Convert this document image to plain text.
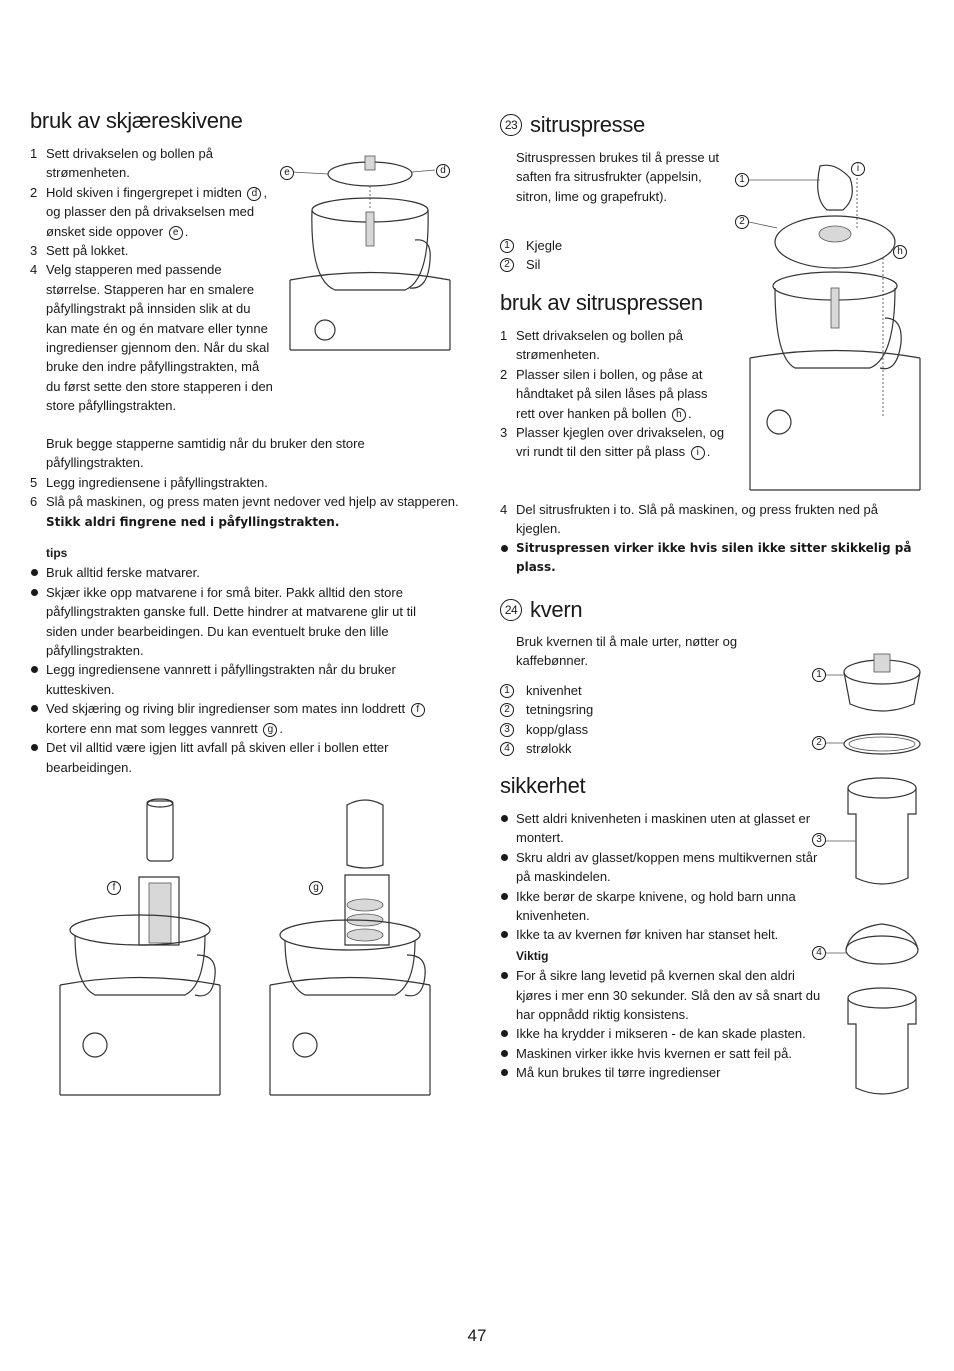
bruk av skjæreskivene
1 Sett drivakselen og bollen på strømenheten.
2 Hold skiven i fingergrepet i midten d , og plasser den på drivakselsen med ønsket side oppover e .
3 Sett på lokket.
4 Velg stapperen med passende størrelse. Stapperen har en smalere påfyllingstrakt på innsiden slik at du kan mate én og én matvare eller tynne ingredienser gjennom den. Når du skal bruke den indre påfyllingstrakten, må du først sette den store stapperen i den store påfyllingstrakten.
Bruk begge stapperne samtidig når du bruker den store påfyllingstrakten.
5 Legg ingrediensene i påfyllingstrakten.
6 Slå på maskinen, og press maten jevnt nedover ved hjelp av stapperen. Stikk aldri fingrene ned i påfyllingstrakten.
tips
Bruk alltid ferske matvarer.
Skjær ikke opp matvarene i for små biter. Pakk alltid den store påfyllingstrakten ganske full. Dette hindrer at matvarene glir ut til siden under bearbeidingen. Du kan eventuelt bruke den lille påfyllingstrakten.
Legg ingrediensene vannrett i påfyllingstrakten når du bruker kutteskiven.
Ved skjæring og riving blir ingredienser som mates inn loddrett f kortere enn mat som legges vannrett g .
Det vil alltid være igjen litt avfall på skiven eller i bollen etter bearbeidingen.
e	d
f	g
23 sitruspresse
Sitruspressen brukes til å presse ut saften fra sitrusfrukter (appelsin, sitron, lime og grapefrukt).
1	Kjegle
2	Sil
bruk av sitruspressen
1 Sett drivakselen og bollen på strømenheten.
2 Plasser silen i bollen, og påse at håndtaket på silen låses på plass rett over hanken på bollen h .
3 Plasser kjeglen over drivakselen, og vri rundt til den sitter på plass i .
4 Del sitrusfrukten i to. Slå på maskinen, og press frukten ned på kjeglen.
Sitruspressen virker ikke hvis silen ikke sitter skikkelig på plass.
1
2
i
h
24 kvern
Bruk kvernen til å male urter, nøtter og kaffebønner.
1	knivenhet
2	tetningsring
3	kopp/glass
4	strølokk
sikkerhet
Sett aldri knivenheten i maskinen uten at glasset er montert.
Skru aldri av glasset/koppen mens multikvernen står på maskindelen.
Ikke berør de skarpe knivene, og hold barn unna knivenheten.
Ikke ta av kvernen før kniven har stanset helt.
Viktig
For å sikre lang levetid på kvernen skal den aldri kjøres i mer enn 30 sekunder. Slå den av så snart du har oppnådd riktig konsistens.
Ikke ha krydder i mikseren - de kan skade plasten.
Maskinen virker ikke hvis kvernen er satt feil på.
Må kun brukes til tørre ingredienser
1
2
3
4
47
